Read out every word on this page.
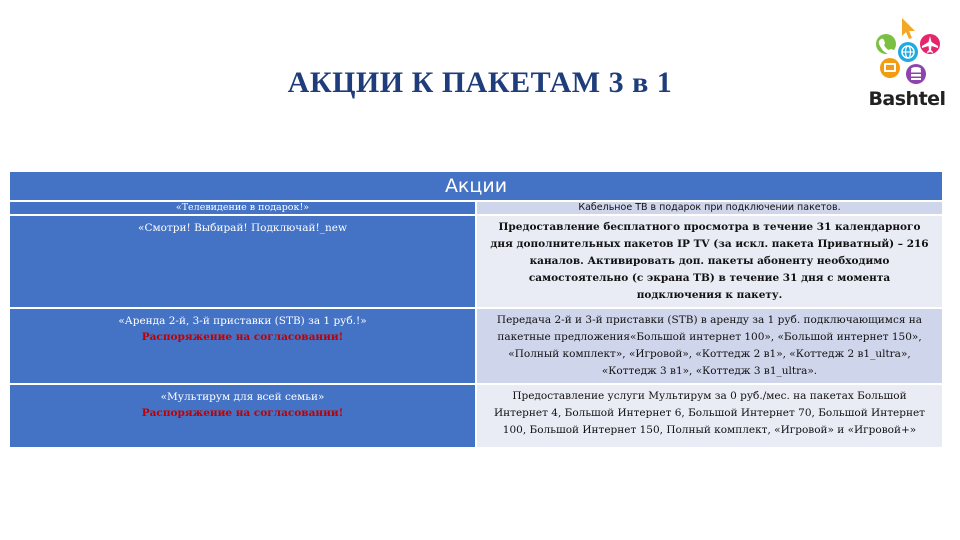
АКЦИИ К ПАКЕТАМ 3 в 1	Bashtel
Акции	
«Телевидение в подарок!»	Кабельное ТВ в подарок при подключении пакетов.

«Смотри! Выбирай! Подключай!_new	Предоставление бесплатного просмотра в течение 31 календарного дня дополнительных пакетов IP TV (за искл. пакета Приватный) – 216 каналов. Активировать доп. пакеты абоненту необходимо самостоятельно (с экрана ТВ) в течение 31 дня с момента подключения к пакету.

«Аренда 2-й, 3-й приставки (STB) за 1 руб.!»
Распоряжение на согласовании!	Передача 2-й и 3-й приставки (STB) в аренду за 1 руб. подключающимся на пакетные предложения«Большой интернет 100», «Большой интернет 150», «Полный комплект», «Игровой», «Коттедж 2 в1», «Коттедж 2 в1_ultra», «Коттедж 3 в1», «Коттедж 3 в1_ultra».

«Мультирум для всей семьи»
Распоряжение на согласовании!	Предоставление услуги Мультирум за 0 руб./мес. на пакетах Большой Интернет 4, Большой Интернет 6, Большой Интернет 70, Большой Интернет 100, Большой Интернет 150, Полный комплект, «Игровой» и «Игровой+»
